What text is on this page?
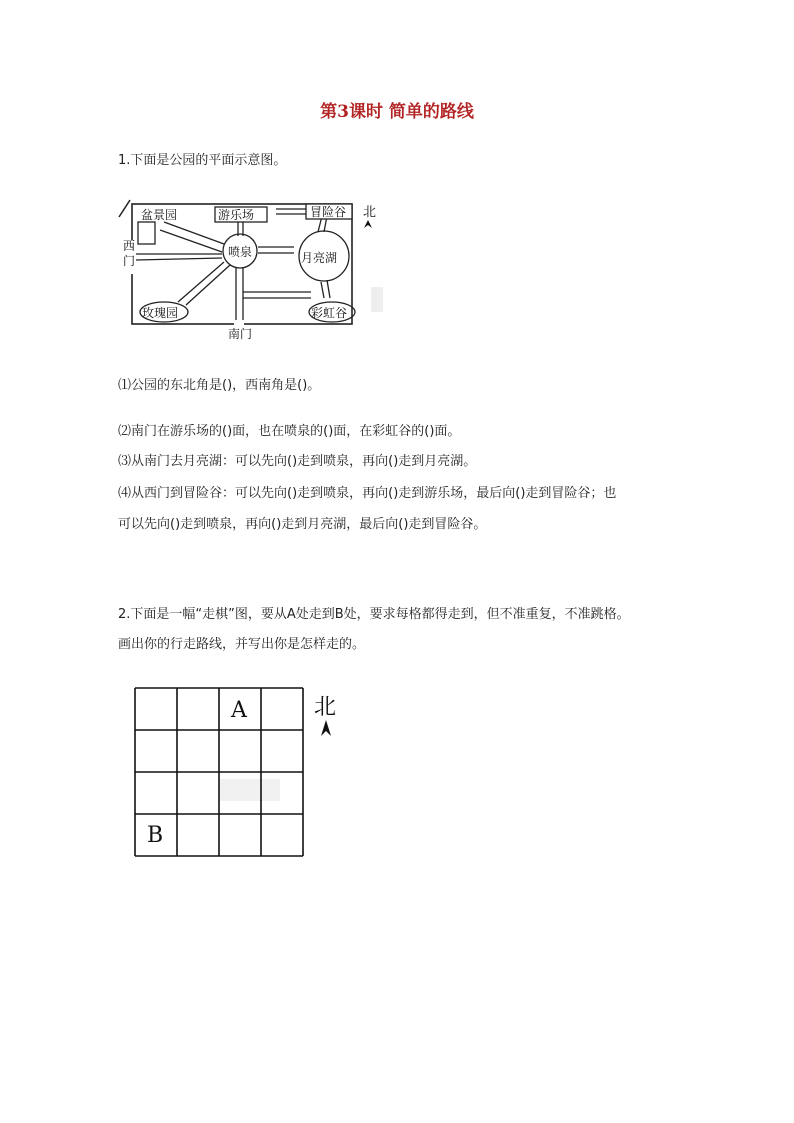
第3课时 简单的路线
1.下面是公园的平面示意图。
盆景园	游乐场	冒险谷
喷泉	月亮湖
玫瑰园	彩虹谷
南门
西
门
北
⑴公园的东北角是()，西南角是()。
⑵南门在游乐场的()面，也在喷泉的()面，在彩虹谷的()面。
⑶从南门去月亮湖：可以先向()走到喷泉，再向()走到月亮湖。
⑷从西门到冒险谷：可以先向()走到喷泉，再向()走到游乐场，最后向()走到冒险谷；也
可以先向()走到喷泉，再向()走到月亮湖，最后向()走到冒险谷。
2.下面是一幅“走棋”图，要从A处走到B处，要求每格都得走到，但不准重复，不准跳格。
画出你的行走路线，并写出你是怎样走的。
A
B
北
